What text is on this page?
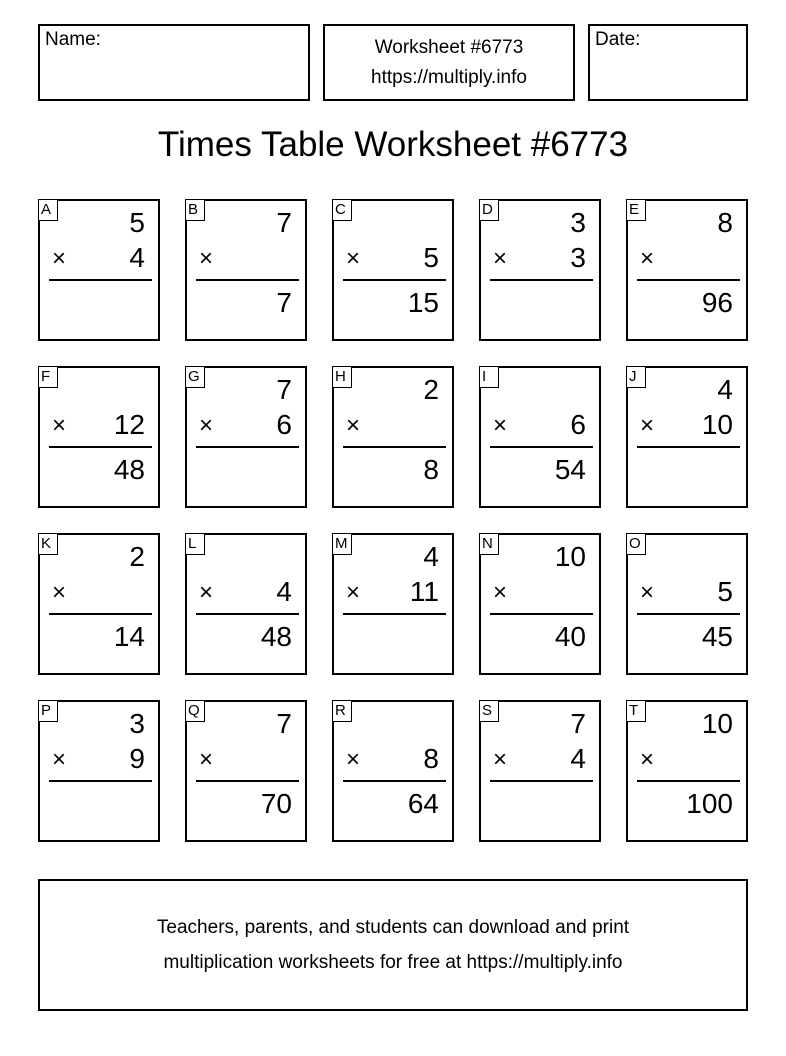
Name:	Worksheet #6773
https://multiply.info
Date:
Times Table Worksheet #6773
A	5
× 4
B	7
×
7
C
× 5
15
D	3
× 3
E	8
×
96
F
× 12
48
G	7
× 6
H	2
×
8
I
× 6
54
J	4
× 10
K	2
×
14
L
× 4
48
M	4
× 11
N 10
×
40
O
× 5
45
P	3
× 9
Q	7
×
70
R
× 8
64
S	7
× 4
T 10
×
100
Teachers, parents, and students can download and print
multiplication worksheets for free at https://multiply.info
